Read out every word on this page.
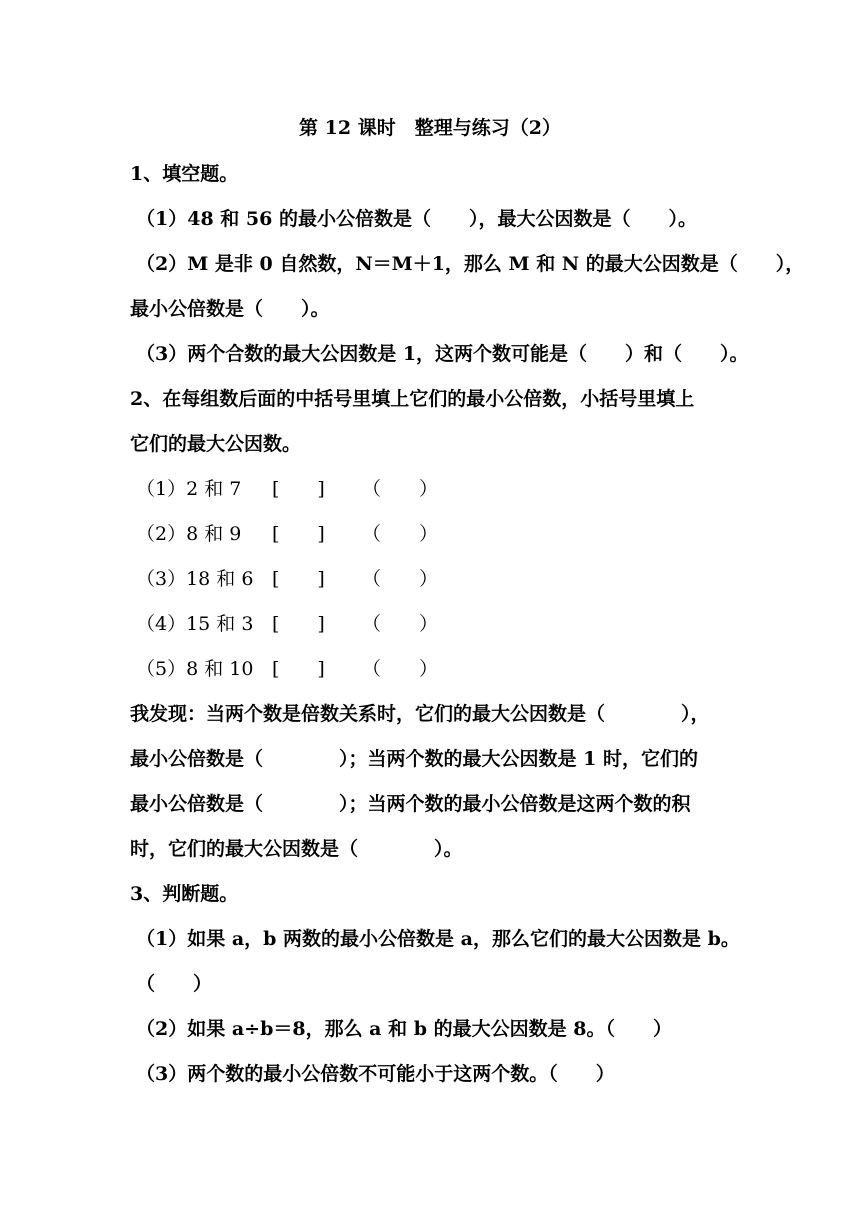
第 12 课时　整理与练习（2）
1、填空题。
（1）48 和 56 的最小公倍数是（　　），最大公因数是（　　）。
（2）M 是非 0 自然数，N＝M＋1，那么 M 和 N 的最大公因数是（　　），
最小公倍数是（　　）。
（3）两个合数的最大公因数是 1，这两个数可能是（　　）和（　　）。
2、在每组数后面的中括号里填上它们的最小公倍数，小括号里填上
它们的最大公因数。
（1）2 和 7 [　　] （　　）
（2）8 和 9 [　　] （　　）
（3）18 和 6 [　　] （　　）
（4）15 和 3 [　　] （　　）
（5）8 和 10 [　　] （　　）
我发现：当两个数是倍数关系时，它们的最大公因数是（　　　　），
最小公倍数是（　　　　）；当两个数的最大公因数是 1 时，它们的
最小公倍数是（　　　　）；当两个数的最小公倍数是这两个数的积
时，它们的最大公因数是（　　　　）。
3、判断题。
（1）如果 a，b 两数的最小公倍数是 a，那么它们的最大公因数是 b。
（　　）
（2）如果 a÷b＝8，那么 a 和 b 的最大公因数是 8。（　　）
（3）两个数的最小公倍数不可能小于这两个数。（　　）
